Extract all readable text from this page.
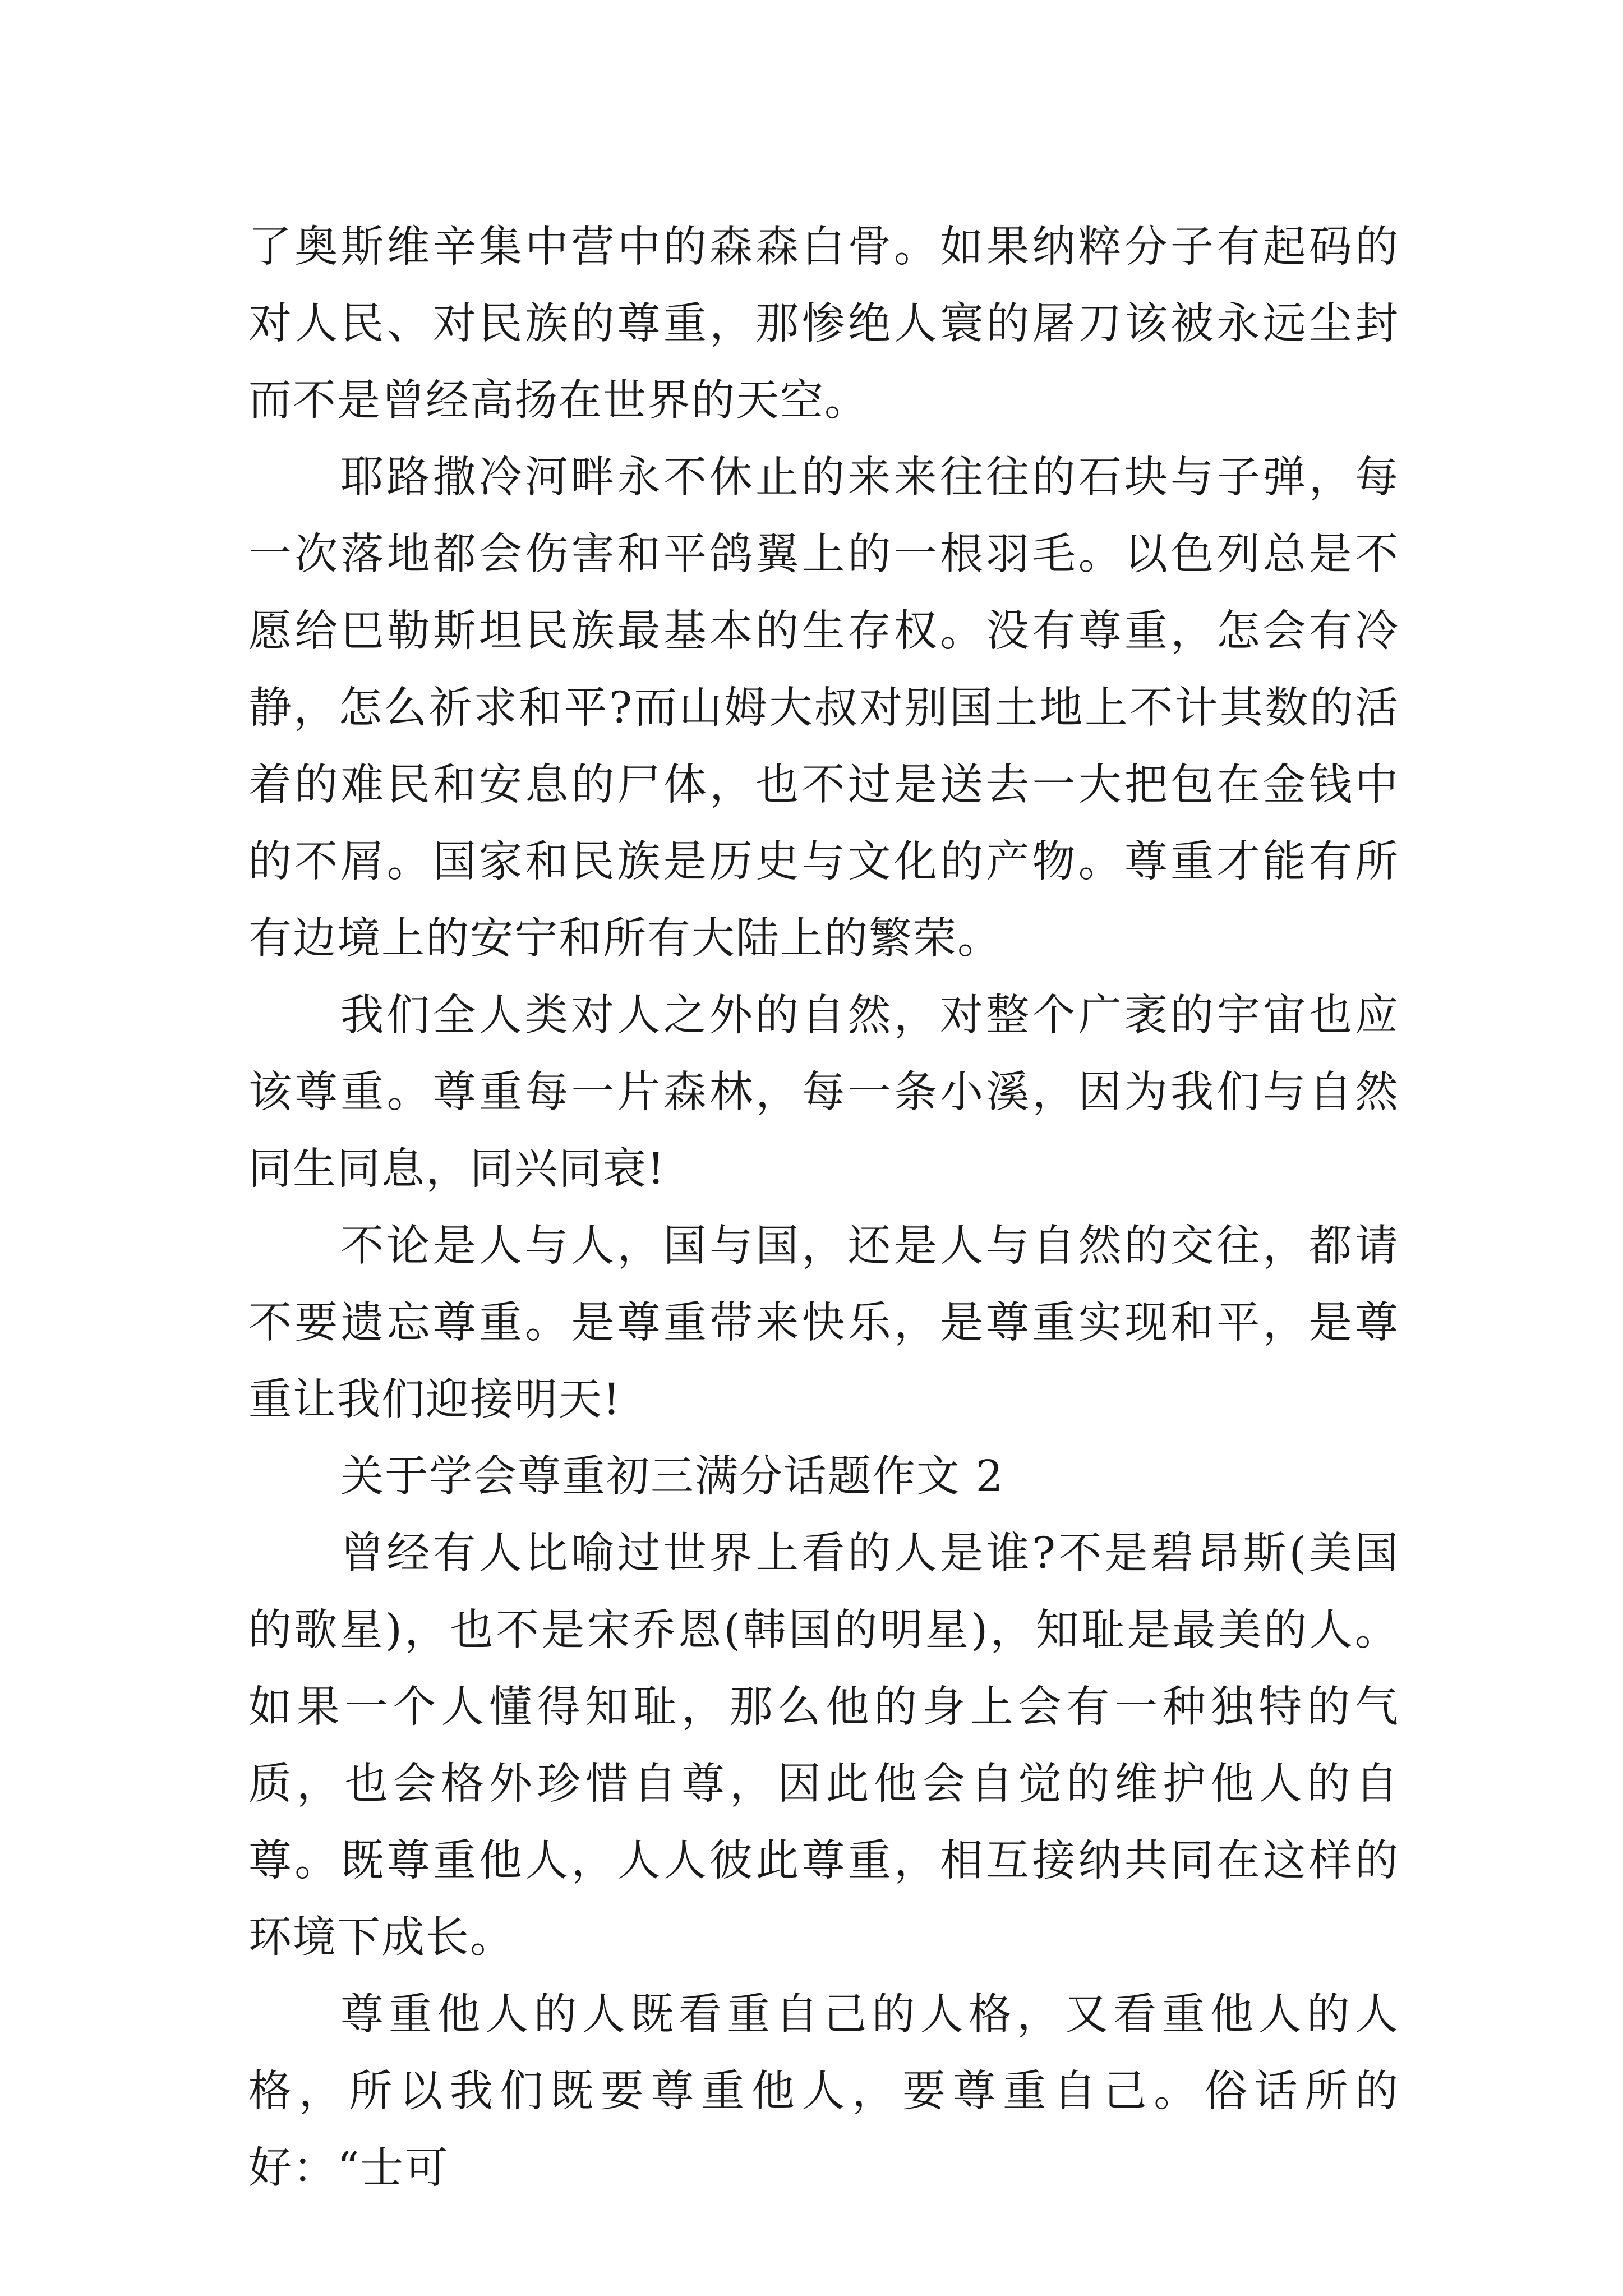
了奥斯维辛集中营中的森森白骨。如果纳粹分子有起码的对人民、对民族的尊重，那惨绝人寰的屠刀该被永远尘封而不是曾经高扬在世界的天空。

耶路撒冷河畔永不休止的来来往往的石块与子弹，每一次落地都会伤害和平鸽翼上的一根羽毛。以色列总是不愿给巴勒斯坦民族最基本的生存权。没有尊重，怎会有冷静，怎么祈求和平?而山姆大叔对别国土地上不计其数的活着的难民和安息的尸体，也不过是送去一大把包在金钱中的不屑。国家和民族是历史与文化的产物。尊重才能有所有边境上的安宁和所有大陆上的繁荣。

我们全人类对人之外的自然，对整个广袤的宇宙也应该尊重。尊重每一片森林，每一条小溪，因为我们与自然同生同息，同兴同衰!

不论是人与人，国与国，还是人与自然的交往，都请不要遗忘尊重。是尊重带来快乐，是尊重实现和平，是尊重让我们迎接明天!

关于学会尊重初三满分话题作文 2

曾经有人比喻过世界上看的人是谁?不是碧昂斯(美国的歌星)，也不是宋乔恩(韩国的明星)，知耻是最美的人。如果一个人懂得知耻，那么他的身上会有一种独特的气质，也会格外珍惜自尊，因此他会自觉的维护他人的自尊。既尊重他人，人人彼此尊重，相互接纳共同在这样的环境下成长。

尊重他人的人既看重自己的人格，又看重他人的人格，所以我们既要尊重他人，要尊重自己。俗话所的好：“士可
